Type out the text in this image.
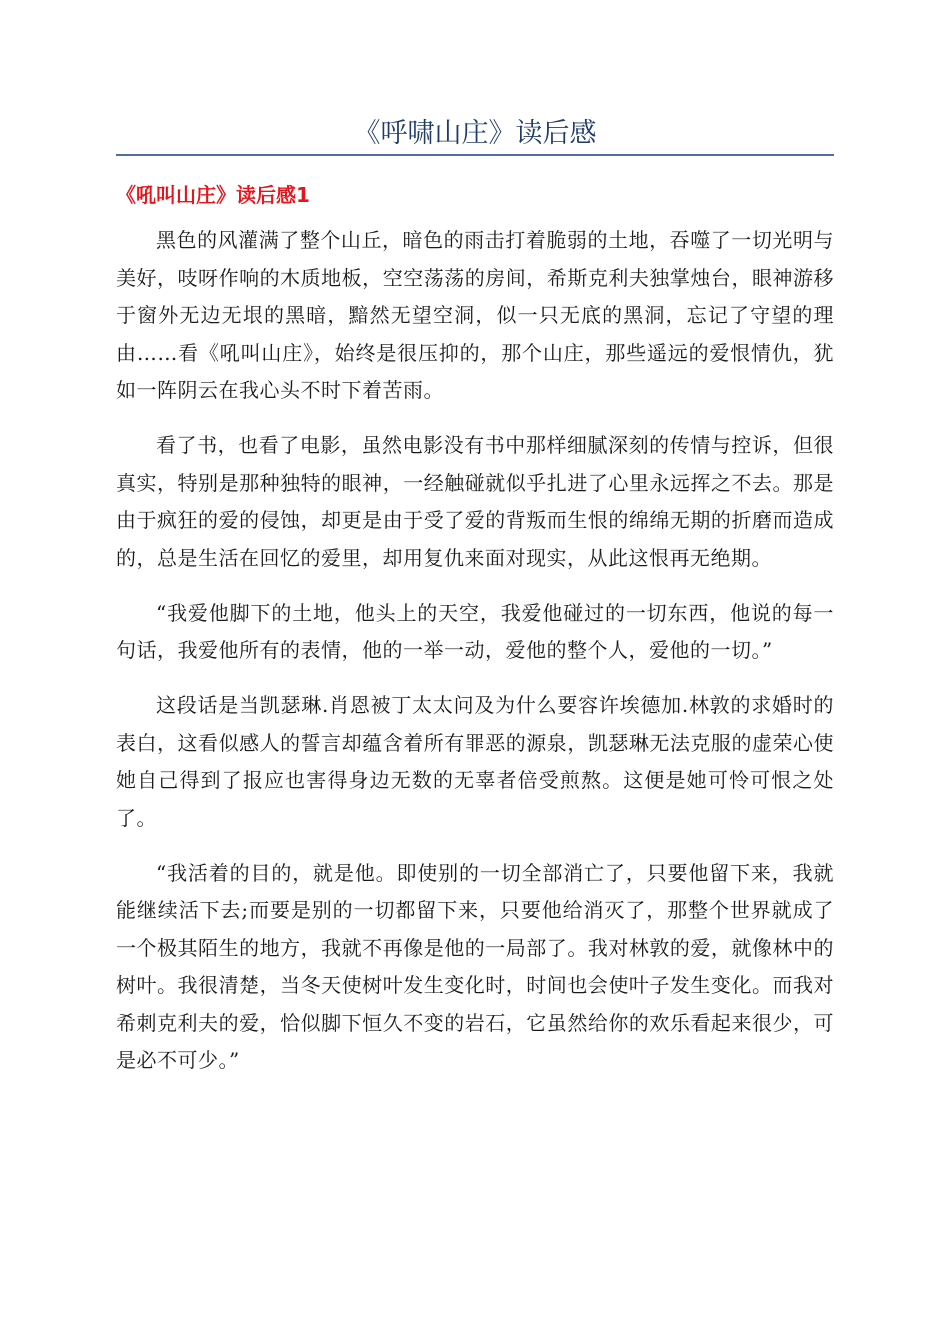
《呼啸山庄》读后感
《吼叫山庄》读后感1

黑色的风灌满了整个山丘，暗色的雨击打着脆弱的土地，吞噬了一切光明与美好，吱呀作响的木质地板，空空荡荡的房间，希斯克利夫独掌烛台，眼神游移于窗外无边无垠的黑暗，黯然无望空洞，似一只无底的黑洞，忘记了守望的理由……看《吼叫山庄》，始终是很压抑的，那个山庄，那些遥远的爱恨情仇，犹如一阵阴云在我心头不时下着苦雨。

看了书，也看了电影，虽然电影没有书中那样细腻深刻的传情与控诉，但很真实，特别是那种独特的眼神，一经触碰就似乎扎进了心里永远挥之不去。那是由于疯狂的爱的侵蚀，却更是由于受了爱的背叛而生恨的绵绵无期的折磨而造成的，总是生活在回忆的爱里，却用复仇来面对现实，从此这恨再无绝期。

“我爱他脚下的土地，他头上的天空，我爱他碰过的一切东西，他说的每一句话，我爱他所有的表情，他的一举一动，爱他的整个人，爱他的一切。”

这段话是当凯瑟琳.肖恩被丁太太问及为什么要容许埃德加.林敦的求婚时的表白，这看似感人的誓言却蕴含着所有罪恶的源泉，凯瑟琳无法克服的虚荣心使她自己得到了报应也害得身边无数的无辜者倍受煎熬。这便是她可怜可恨之处了。

“我活着的目的，就是他。即使别的一切全部消亡了，只要他留下来，我就能继续活下去;而要是别的一切都留下来，只要他给消灭了，那整个世界就成了一个极其陌生的地方，我就不再像是他的一局部了。我对林敦的爱，就像林中的树叶。我很清楚，当冬天使树叶发生变化时，时间也会使叶子发生变化。而我对希刺克利夫的爱，恰似脚下恒久不变的岩石，它虽然给你的欢乐看起来很少，可是必不可少。”
